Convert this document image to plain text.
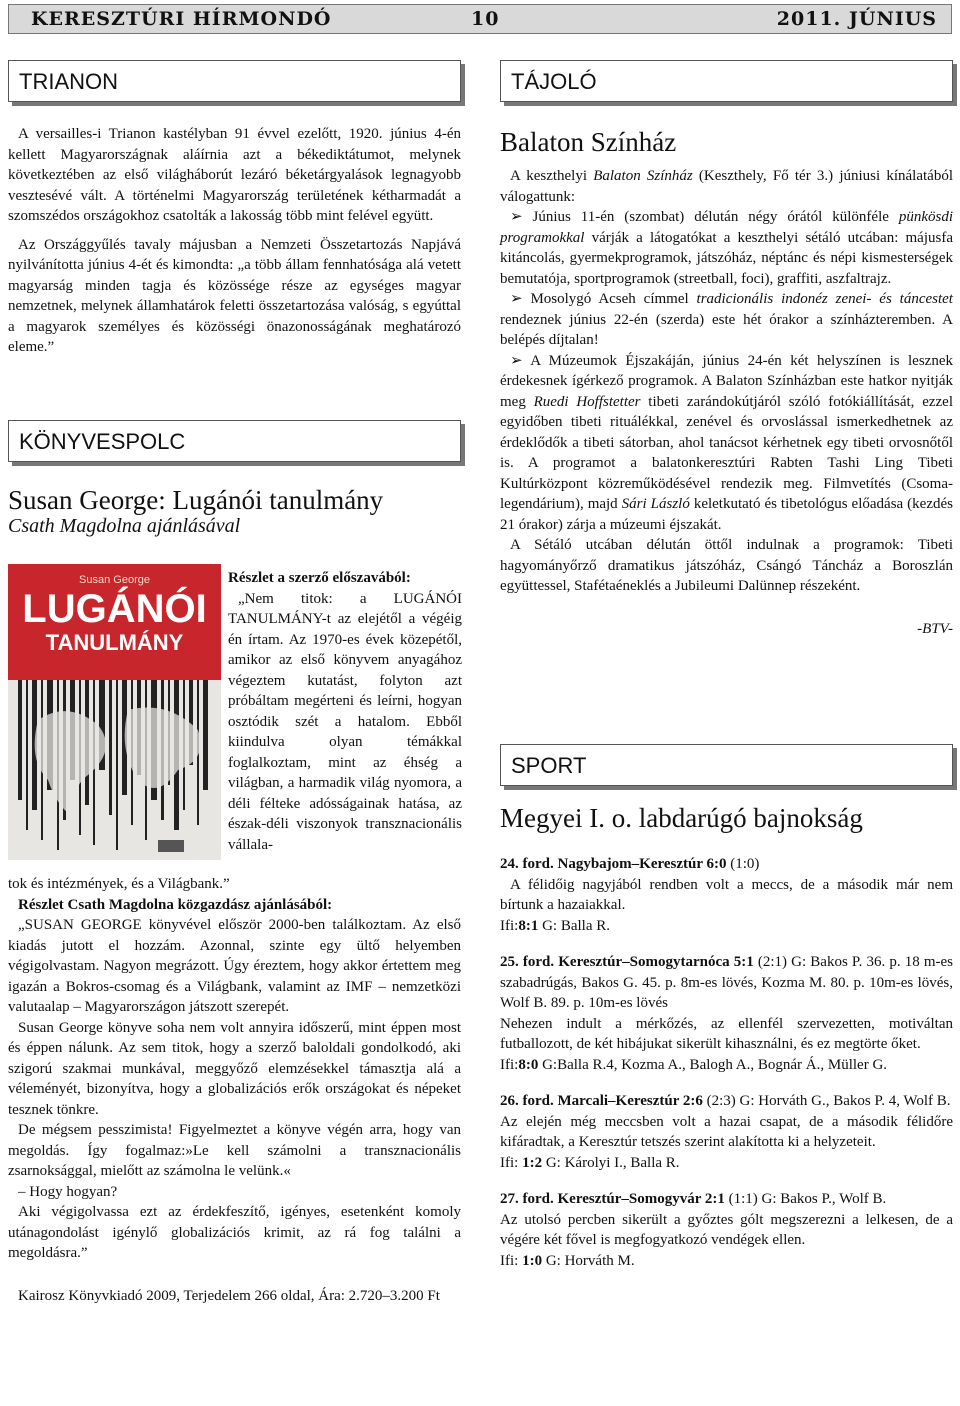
KERESZTÚRI HÍRMONDÓ	10	2011. JÚNIUS
TRIANON

A versailles-i Trianon kastélyban 91 évvel ezelőtt, 1920. június 4-én kellett Magyarországnak aláírnia azt a békediktátumot, melynek következtében az első világháborút lezáró béketárgyalások legnagyobb vesztesévé vált. A történelmi Magyarország területének kétharmadát a szomszédos országokhoz csatolták a lakosság több mint felével együtt.

Az Országgyűlés tavaly májusban a Nemzeti Összetartozás Napjává nyilvánította június 4-ét és kimondta: „a több állam fennhatósága alá vetett magyarság minden tagja és közössége része az egységes magyar nemzetnek, melynek államhatárok feletti összetartozása valóság, s egyúttal a magyarok személyes és közösségi önazonosságának meghatározó eleme.”

KÖNYVESPOLC

Susan George: Lugánói tanulmány

Csath Magdolna ajánlásával

Susan George
LUGÁNÓI
TANULMÁNY

Részlet a szerző előszavából:

„Nem titok: a LUGÁNÓI TANULMÁNY-t az elejétől a végéig én írtam. Az 1970-es évek közepétől, amikor az első könyvem anyagához végeztem kutatást, folyton azt próbáltam megérteni és leírni, hogyan osztódik szét a hatalom. Ebből kiindulva olyan témákkal foglalkoztam, mint az éhség a világban, a harmadik világ nyomora, a déli félteke adósságainak hatása, az észak-déli viszonyok transznacionális vállala-

tok és intézmények, és a Világbank.”

Részlet Csath Magdolna közgazdász ajánlásából:

„SUSAN GEORGE könyvével először 2000-ben találkoztam. Az első kiadás jutott el hozzám. Azonnal, szinte egy ültő helyemben végigolvastam. Nagyon megrázott. Úgy éreztem, hogy akkor értettem meg igazán a Bokros-csomag és a Világbank, valamint az IMF – nemzetközi valutaalap – Magyarországon játszott szerepét.

Susan George könyve soha nem volt annyira időszerű, mint éppen most és éppen nálunk. Az sem titok, hogy a szerző baloldali gondolkodó, aki szigorú szakmai munkával, meggyőző elemzésekkel támasztja alá a véleményét, bizonyítva, hogy a globalizációs erők országokat és népeket tesznek tönkre.

De mégsem pesszimista! Figyelmeztet a könyve végén arra, hogy van megoldás. Így fogalmaz:»Le kell számolni a transznacionális zsarnoksággal, mielőtt az számolna le velünk.«

– Hogy hogyan?

Aki végigolvassa ezt az érdekfeszítő, igényes, esetenként komoly utánagondolást igénylő globalizációs krimit, az rá fog találni a megoldásra.”

Kairosz Könyvkiadó 2009, Terjedelem 266 oldal, Ára: 2.720–3.200 Ft

TÁJOLÓ

Balaton Színház

A keszthelyi Balaton Színház (Keszthely, Fő tér 3.) júniusi kínálatából válogattunk:

➢ Június 11-én (szombat) délután négy órától különféle pünkösdi programokkal várják a látogatókat a keszthelyi sétáló utcában: májusfa kitáncolás, gyermekprogramok, játszóház, néptánc és népi kismesterségek bemutatója, sportprogramok (streetball, foci), graffiti, aszfaltrajz.

➢ Mosolygó Acseh címmel tradicionális indonéz zenei- és táncestet rendeznek június 22-én (szerda) este hét órakor a színházteremben. A belépés díjtalan!

➢ A Múzeumok Éjszakáján, június 24-én két helyszínen is lesznek érdekesnek ígérkező programok. A Balaton Színházban este hatkor nyitják meg Ruedi Hoffstetter tibeti zarándokútjáról szóló fotókiállítását, ezzel egyidőben tibeti rituálékkal, zenével és orvoslással ismerkedhetnek az érdeklődők a tibeti sátorban, ahol tanácsot kérhetnek egy tibeti orvosnőtől is. A programot a balatonkeresztúri Rabten Tashi Ling Tibeti Kultúrközpont közreműködésével rendezik meg. Filmvetítés (Csoma-legendárium), majd Sári László keletkutató és tibetológus előadása (kezdés 21 órakor) zárja a múzeumi éjszakát.

A Sétáló utcában délután öttől indulnak a programok: Tibeti hagyományőrző dramatikus játszóház, Csángó Táncház a Boroszlán együttessel, Stafétaéneklés a Jubileumi Dalünnep részeként.

-BTV-

SPORT

Megyei I. o. labdarúgó bajnokság

24. ford. Nagybajom–Keresztúr 6:0 (1:0)

A félidőig nagyjából rendben volt a meccs, de a második már nem bírtunk a hazaiakkal.

Ifi:8:1 G: Balla R.

25. ford. Keresztúr–Somogytarnóca 5:1 (2:1) G: Bakos P. 36. p. 18 m-es szabadrúgás, Bakos G. 45. p. 8m-es lövés, Kozma M. 80. p. 10m-es lövés, Wolf B. 89. p. 10m-es lövés

Nehezen indult a mérkőzés, az ellenfél szervezetten, motiváltan futballozott, de két hibájukat sikerült kihasználni, és ez megtörte őket.

Ifi:8:0 G:Balla R.4, Kozma A., Balogh A., Bognár Á., Müller G.

26. ford. Marcali–Keresztúr 2:6 (2:3) G: Horváth G., Bakos P. 4, Wolf B.

Az elején még meccsben volt a hazai csapat, de a második félidőre kifáradtak, a Keresztúr tetszés szerint alakította ki a helyzeteit.

Ifi: 1:2 G: Károlyi I., Balla R.

27. ford. Keresztúr–Somogyvár 2:1 (1:1) G: Bakos P., Wolf B.

Az utolsó percben sikerült a győztes gólt megszerezni a lelkesen, de a végére két fővel is megfogyatkozó vendégek ellen.

Ifi: 1:0 G: Horváth M.
